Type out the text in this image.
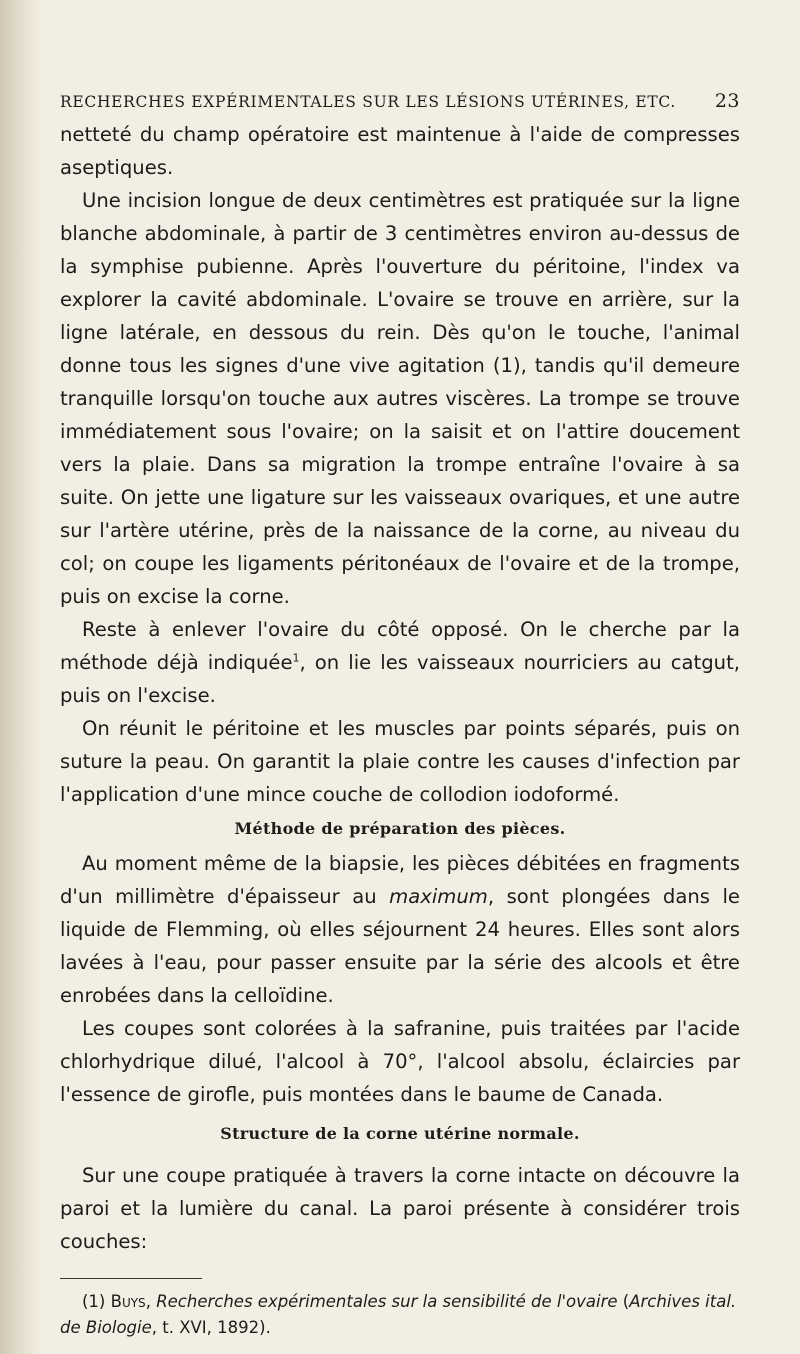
RECHERCHES EXPÉRIMENTALES SUR LES LÉSIONS UTÉRINES, ETC. 23

netteté du champ opératoire est maintenue à l'aide de compresses aseptiques.

Une incision longue de deux centimètres est pratiquée sur la ligne blanche abdominale, à partir de 3 centimètres environ au-dessus de la symphise pubienne. Après l'ouverture du péritoine, l'index va explorer la cavité abdominale. L'ovaire se trouve en arrière, sur la ligne latérale, en dessous du rein. Dès qu'on le touche, l'animal donne tous les signes d'une vive agitation (1), tandis qu'il demeure tranquille lorsqu'on touche aux autres viscères. La trompe se trouve immédiatement sous l'ovaire; on la saisit et on l'attire doucement vers la plaie. Dans sa migration la trompe entraîne l'ovaire à sa suite. On jette une ligature sur les vaisseaux ovariques, et une autre sur l'artère utérine, près de la naissance de la corne, au niveau du col; on coupe les ligaments péritonéaux de l'ovaire et de la trompe, puis on excise la corne.

Reste à enlever l'ovaire du côté opposé. On le cherche par la méthode déjà indiquée$^1$, on lie les vaisseaux nourriciers au catgut, puis on l'excise.

On réunit le péritoine et les muscles par points séparés, puis on suture la peau. On garantit la plaie contre les causes d'infection par l'application d'une mince couche de collodion iodoformé.

Méthode de préparation des pièces.

Au moment même de la biapsie, les pièces débitées en fragments d'un millimètre d'épaisseur au maximum, sont plongées dans le liquide de Flemming, où elles séjournent 24 heures. Elles sont alors lavées à l'eau, pour passer ensuite par la série des alcools et être enrobées dans la celloïdine.

Les coupes sont colorées à la safranine, puis traitées par l'acide chlorhydrique dilué, l'alcool à 70°, l'alcool absolu, éclaircies par l'essence de girofle, puis montées dans le baume de Canada.

Structure de la corne utérine normale.

Sur une coupe pratiquée à travers la corne intacte on découvre la paroi et la lumière du canal. La paroi présente à considérer trois couches:

(1) Buys, Recherches expérimentales sur la sensibilité de l'ovaire (Archives ital. de Biologie, t. XVI, 1892).
